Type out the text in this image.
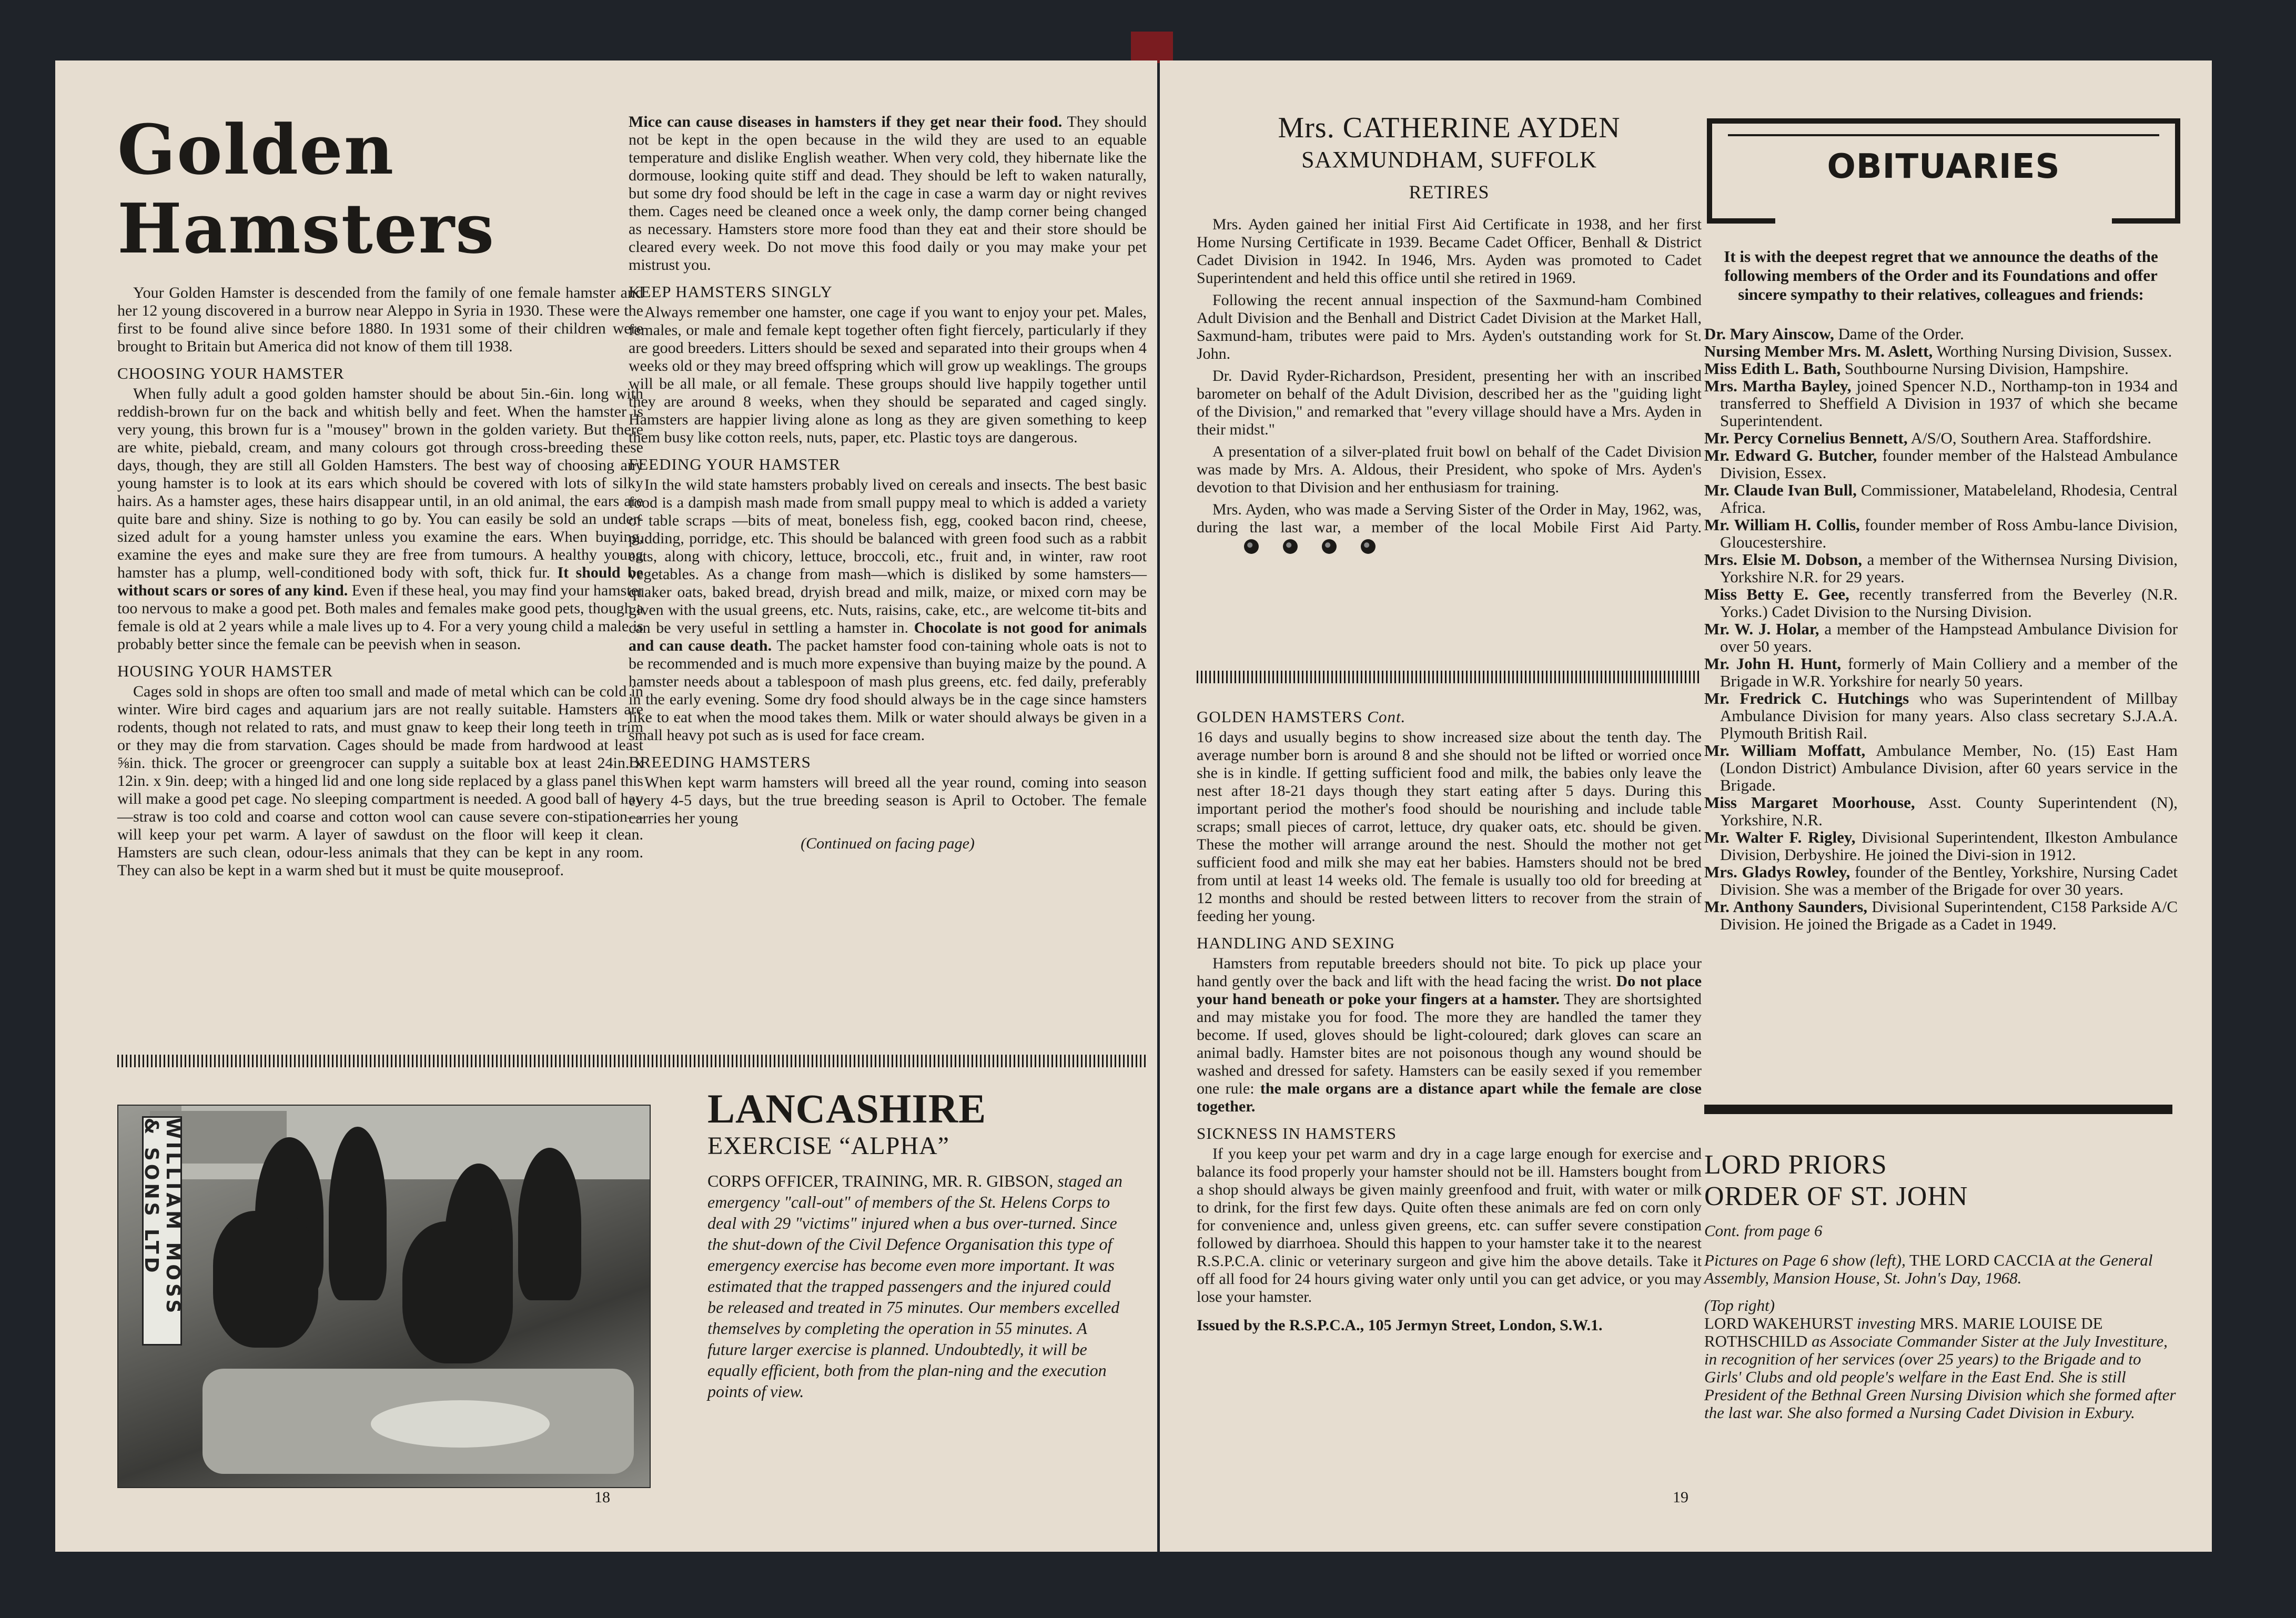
Golden
Hamsters

Your Golden Hamster is descended from the family of one female hamster and her 12 young discovered in a burrow near Aleppo in Syria in 1930. These were the first to be found alive since before 1880. In 1931 some of their children were brought to Britain but America did not know of them till 1938.

CHOOSING YOUR HAMSTER

When fully adult a good golden hamster should be about 5in.-6in. long with reddish-brown fur on the back and whitish belly and feet. When the hamster is very young, this brown fur is a "mousey" brown in the golden variety. But there are white, piebald, cream, and many colours got through cross-breeding these days, though, they are still all Golden Hamsters. The best way of choosing any young hamster is to look at its ears which should be covered with lots of silky hairs. As a hamster ages, these hairs disappear until, in an old animal, the ears are quite bare and shiny. Size is nothing to go by. You can easily be sold an under-sized adult for a young hamster unless you examine the ears. When buying, examine the eyes and make sure they are free from tumours. A healthy young hamster has a plump, well-conditioned body with soft, thick fur. It should be without scars or sores of any kind. Even if these heal, you may find your hamster too nervous to make a good pet. Both males and females make good pets, though a female is old at 2 years while a male lives up to 4. For a very young child a male is probably better since the female can be peevish when in season.

HOUSING YOUR HAMSTER

Cages sold in shops are often too small and made of metal which can be cold in winter. Wire bird cages and aquarium jars are not really suitable. Hamsters are rodents, though not related to rats, and must gnaw to keep their long teeth in trim or they may die from starvation. Cages should be made from hardwood at least ⅝in. thick. The grocer or greengrocer can supply a suitable box at least 24in. x 12in. x 9in. deep; with a hinged lid and one long side replaced by a glass panel this will make a good pet cage. No sleeping compartment is needed. A good ball of hay—straw is too cold and coarse and cotton wool can cause severe con-stipation—will keep your pet warm. A layer of sawdust on the floor will keep it clean. Hamsters are such clean, odour-less animals that they can be kept in any room. They can also be kept in a warm shed but it must be quite mouseproof.

Mice can cause diseases in hamsters if they get near their food. They should not be kept in the open because in the wild they are used to an equable temperature and dislike English weather. When very cold, they hibernate like the dormouse, looking quite stiff and dead. They should be left to waken naturally, but some dry food should be left in the cage in case a warm day or night revives them. Cages need be cleaned once a week only, the damp corner being changed as necessary. Hamsters store more food than they eat and their store should be cleared every week. Do not move this food daily or you may make your pet mistrust you.

KEEP HAMSTERS SINGLY

Always remember one hamster, one cage if you want to enjoy your pet. Males, females, or male and female kept together often fight fiercely, particularly if they are good breeders. Litters should be sexed and separated into their groups when 4 weeks old or they may breed offspring which will grow up weaklings. The groups will be all male, or all female. These groups should live happily together until they are around 8 weeks, when they should be separated and caged singly. Hamsters are happier living alone as long as they are given something to keep them busy like cotton reels, nuts, paper, etc. Plastic toys are dangerous.

FEEDING YOUR HAMSTER

In the wild state hamsters probably lived on cereals and insects. The best basic food is a dampish mash made from small puppy meal to which is added a variety of table scraps —bits of meat, boneless fish, egg, cooked bacon rind, cheese, pudding, porridge, etc. This should be balanced with green food such as a rabbit eats, along with chicory, lettuce, broccoli, etc., fruit and, in winter, raw root vegetables. As a change from mash—which is disliked by some hamsters—quaker oats, baked bread, dryish bread and milk, maize, or mixed corn may be given with the usual greens, etc. Nuts, raisins, cake, etc., are welcome tit-bits and can be very useful in settling a hamster in. Chocolate is not good for animals and can cause death. The packet hamster food con-taining whole oats is not to be recommended and is much more expensive than buying maize by the pound. A hamster needs about a tablespoon of mash plus greens, etc. fed daily, preferably in the early evening. Some dry food should always be in the cage since hamsters like to eat when the mood takes them. Milk or water should always be given in a small heavy pot such as is used for face cream.

BREEDING HAMSTERS

When kept warm hamsters will breed all the year round, coming into season every 4-5 days, but the true breeding season is April to October. The female carries her young

(Continued on facing page)

WILLIAM MOSS & SONS LTD
LANCASHIRE
EXERCISE “ALPHA”

CORPS OFFICER, TRAINING, MR. R. GIBSON, staged an emergency "call-out" of members of the St. Helens Corps to deal with 29 "victims" injured when a bus over-turned. Since the shut-down of the Civil Defence Organisation this type of emergency exercise has become even more important. It was estimated that the trapped passengers and the injured could be released and treated in 75 minutes. Our members excelled themselves by completing the operation in 55 minutes. A future larger exercise is planned. Undoubtedly, it will be equally efficient, both from the plan-ning and the execution points of view.

18
Mrs. CATHERINE AYDEN
SAXMUNDHAM, SUFFOLK
RETIRES

Mrs. Ayden gained her initial First Aid Certificate in 1938, and her first Home Nursing Certificate in 1939. Became Cadet Officer, Benhall & District Cadet Division in 1942. In 1946, Mrs. Ayden was promoted to Cadet Superintendent and held this office until she retired in 1969.

Following the recent annual inspection of the Saxmund-ham Combined Adult Division and the Benhall and District Cadet Division at the Market Hall, Saxmund-ham, tributes were paid to Mrs. Ayden's outstanding work for St. John.

Dr. David Ryder-Richardson, President, presenting her with an inscribed barometer on behalf of the Adult Division, described her as the "guiding light of the Division," and remarked that "every village should have a Mrs. Ayden in their midst."

A presentation of a silver-plated fruit bowl on behalf of the Cadet Division was made by Mrs. A. Aldous, their President, who spoke of Mrs. Ayden's devotion to that Division and her enthusiasm for training.

Mrs. Ayden, who was made a Serving Sister of the Order in May, 1962, was, during the last war, a member of the local Mobile First Aid Party.

GOLDEN HAMSTERS Cont.

16 days and usually begins to show increased size about the tenth day. The average number born is around 8 and she should not be lifted or worried once she is in kindle. If getting sufficient food and milk, the babies only leave the nest after 18-21 days though they start eating after 5 days. During this important period the mother's food should be nourishing and include table scraps; small pieces of carrot, lettuce, dry quaker oats, etc. should be given. These the mother will arrange around the nest. Should the mother not get sufficient food and milk she may eat her babies. Hamsters should not be bred from until at least 14 weeks old. The female is usually too old for breeding at 12 months and should be rested between litters to recover from the strain of feeding her young.

HANDLING AND SEXING

Hamsters from reputable breeders should not bite. To pick up place your hand gently over the back and lift with the head facing the wrist. Do not place your hand beneath or poke your fingers at a hamster. They are shortsighted and may mistake you for food. The more they are handled the tamer they become. If used, gloves should be light-coloured; dark gloves can scare an animal badly. Hamster bites are not poisonous though any wound should be washed and dressed for safety. Hamsters can be easily sexed if you remember one rule: the male organs are a distance apart while the female are close together.

SICKNESS IN HAMSTERS

If you keep your pet warm and dry in a cage large enough for exercise and balance its food properly your hamster should not be ill. Hamsters bought from a shop should always be given mainly greenfood and fruit, with water or milk to drink, for the first few days. Quite often these animals are fed on corn only for convenience and, unless given greens, etc. can suffer severe constipation followed by diarrhoea. Should this happen to your hamster take it to the nearest R.S.P.C.A. clinic or veterinary surgeon and give him the above details. Take it off all food for 24 hours giving water only until you can get advice, or you may lose your hamster.

Issued by the R.S.P.C.A., 105 Jermyn Street, London, S.W.1.

19
OBITUARIES

It is with the deepest regret that we announce the deaths of the following members of the Order and its Foundations and offer sincere sympathy to their relatives, colleagues and friends:

Dr. Mary Ainscow, Dame of the Order.

Nursing Member Mrs. M. Aslett, Worthing Nursing Division, Sussex.

Miss Edith L. Bath, Southbourne Nursing Division, Hampshire.

Mrs. Martha Bayley, joined Spencer N.D., Northamp-ton in 1934 and transferred to Sheffield A Division in 1937 of which she became Superintendent.

Mr. Percy Cornelius Bennett, A/S/O, Southern Area. Staffordshire.

Mr. Edward G. Butcher, founder member of the Halstead Ambulance Division, Essex.

Mr. Claude Ivan Bull, Commissioner, Matabeleland, Rhodesia, Central Africa.

Mr. William H. Collis, founder member of Ross Ambu-lance Division, Gloucestershire.

Mrs. Elsie M. Dobson, a member of the Withernsea Nursing Division, Yorkshire N.R. for 29 years.

Miss Betty E. Gee, recently transferred from the Beverley (N.R. Yorks.) Cadet Division to the Nursing Division.

Mr. W. J. Holar, a member of the Hampstead Ambulance Division for over 50 years.

Mr. John H. Hunt, formerly of Main Colliery and a member of the Brigade in W.R. Yorkshire for nearly 50 years.

Mr. Fredrick C. Hutchings who was Superintendent of Millbay Ambulance Division for many years. Also class secretary S.J.A.A. Plymouth British Rail.

Mr. William Moffatt, Ambulance Member, No. (15) East Ham (London District) Ambulance Division, after 60 years service in the Brigade.

Miss Margaret Moorhouse, Asst. County Superintendent (N), Yorkshire, N.R.

Mr. Walter F. Rigley, Divisional Superintendent, Ilkeston Ambulance Division, Derbyshire. He joined the Divi-sion in 1912.

Mrs. Gladys Rowley, founder of the Bentley, Yorkshire, Nursing Cadet Division. She was a member of the Brigade for over 30 years.

Mr. Anthony Saunders, Divisional Superintendent, C158 Parkside A/C Division. He joined the Brigade as a Cadet in 1949.

LORD PRIORS
ORDER OF ST. JOHN

Cont. from page 6

Pictures on Page 6 show (left), THE LORD CACCIA at the General Assembly, Mansion House, St. John's Day, 1968.

(Top right)

LORD WAKEHURST investing MRS. MARIE LOUISE DE ROTHSCHILD as Associate Commander Sister at the July Investiture, in recognition of her services (over 25 years) to the Brigade and to Girls' Clubs and old people's welfare in the East End. She is still President of the Bethnal Green Nursing Division which she formed after the last war. She also formed a Nursing Cadet Division in Exbury.
